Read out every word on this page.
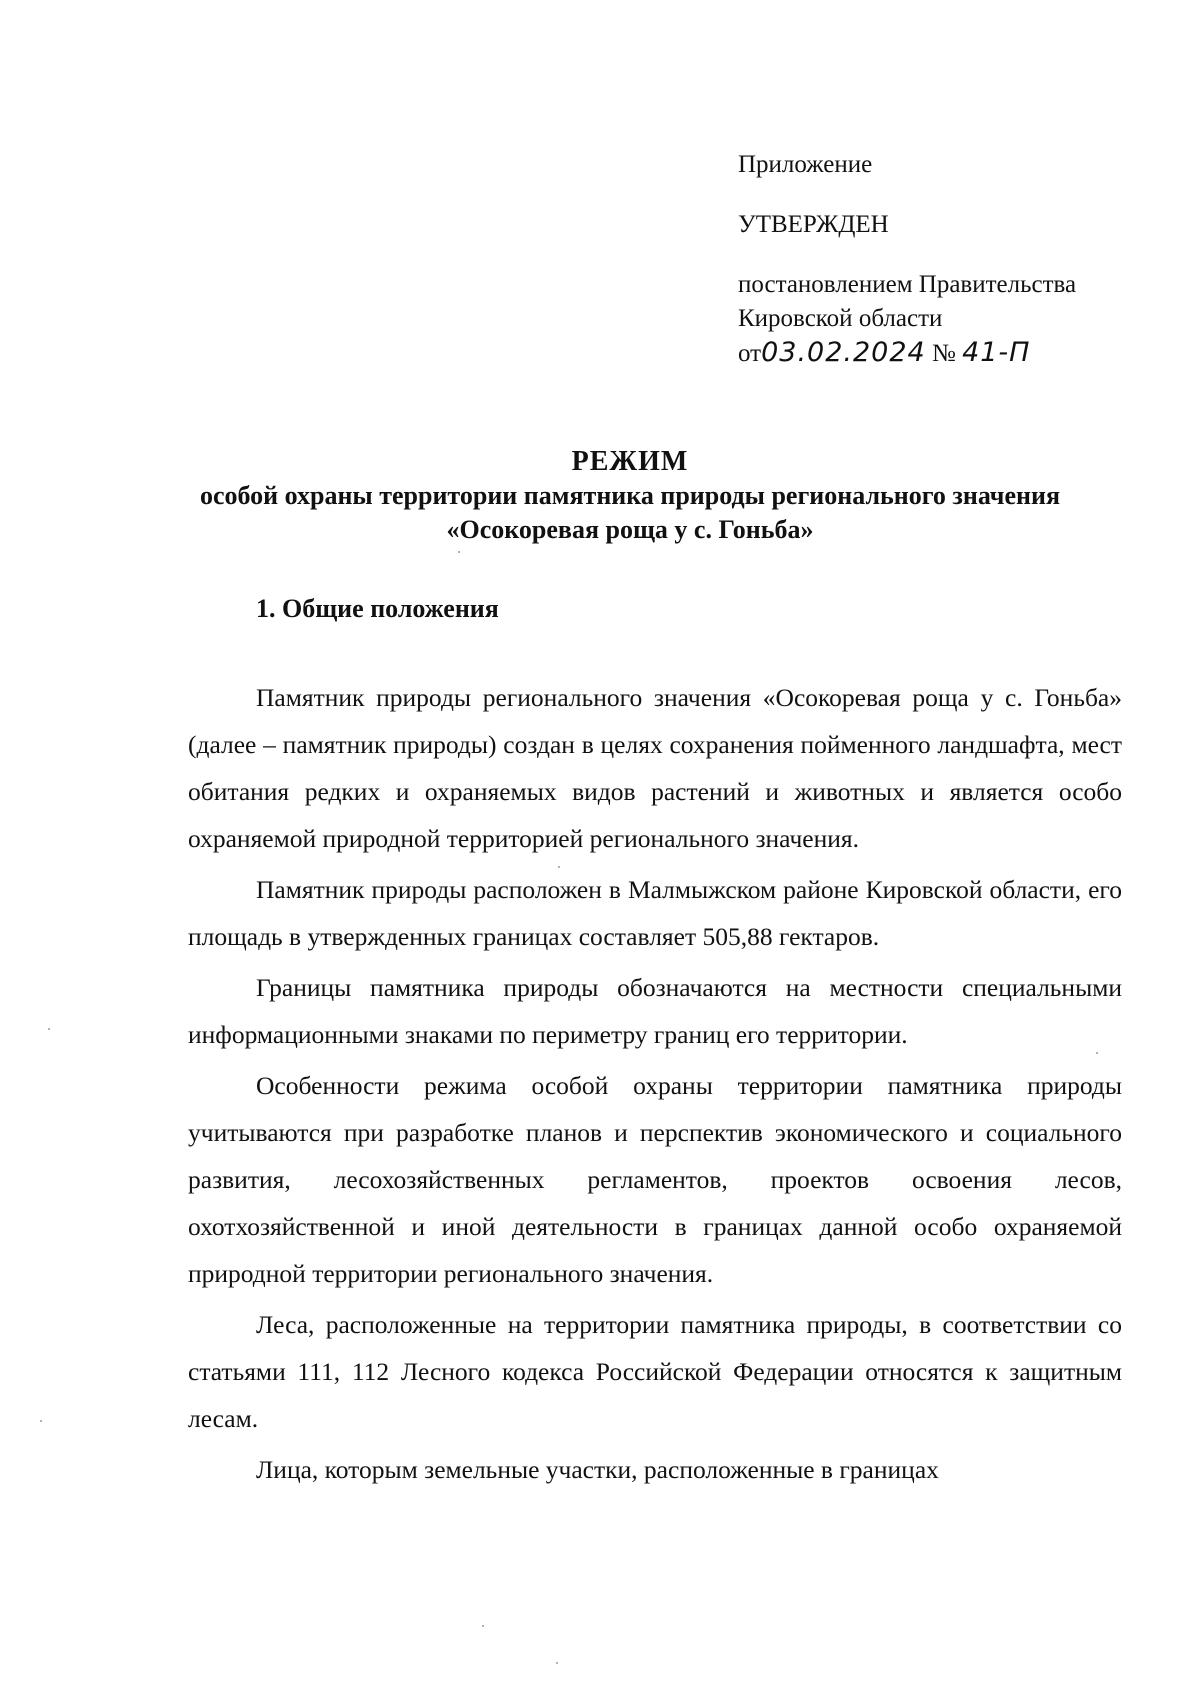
Приложение
УТВЕРЖДЕН
постановлением Правительства
Кировской области
от03.02.2024 № 41-П
РЕЖИМ
особой охраны территории памятника природы регионального значения
«Осокоревая роща у с. Гоньба»
1. Общие положения

Памятник природы регионального значения «Осокоревая роща у с. Гоньба» (далее – памятник природы) создан в целях сохранения пойменного ландшафта, мест обитания редких и охраняемых видов растений и животных и является особо охраняемой природной территорией регионального значения.

Памятник природы расположен в Малмыжском районе Кировской области, его площадь в утвержденных границах составляет 505,88 гектаров.

Границы памятника природы обозначаются на местности специальными информационными знаками по периметру границ его территории.

Особенности режима особой охраны территории памятника природы учитываются при разработке планов и перспектив экономического и социального развития, лесохозяйственных регламентов, проектов освоения лесов, охотхозяйственной и иной деятельности в границах данной особо охраняемой природной территории регионального значения.

Леса, расположенные на территории памятника природы, в соответствии со статьями 111, 112 Лесного кодекса Российской Федерации относятся к защитным лесам.

Лица, которым земельные участки, расположенные в границах
